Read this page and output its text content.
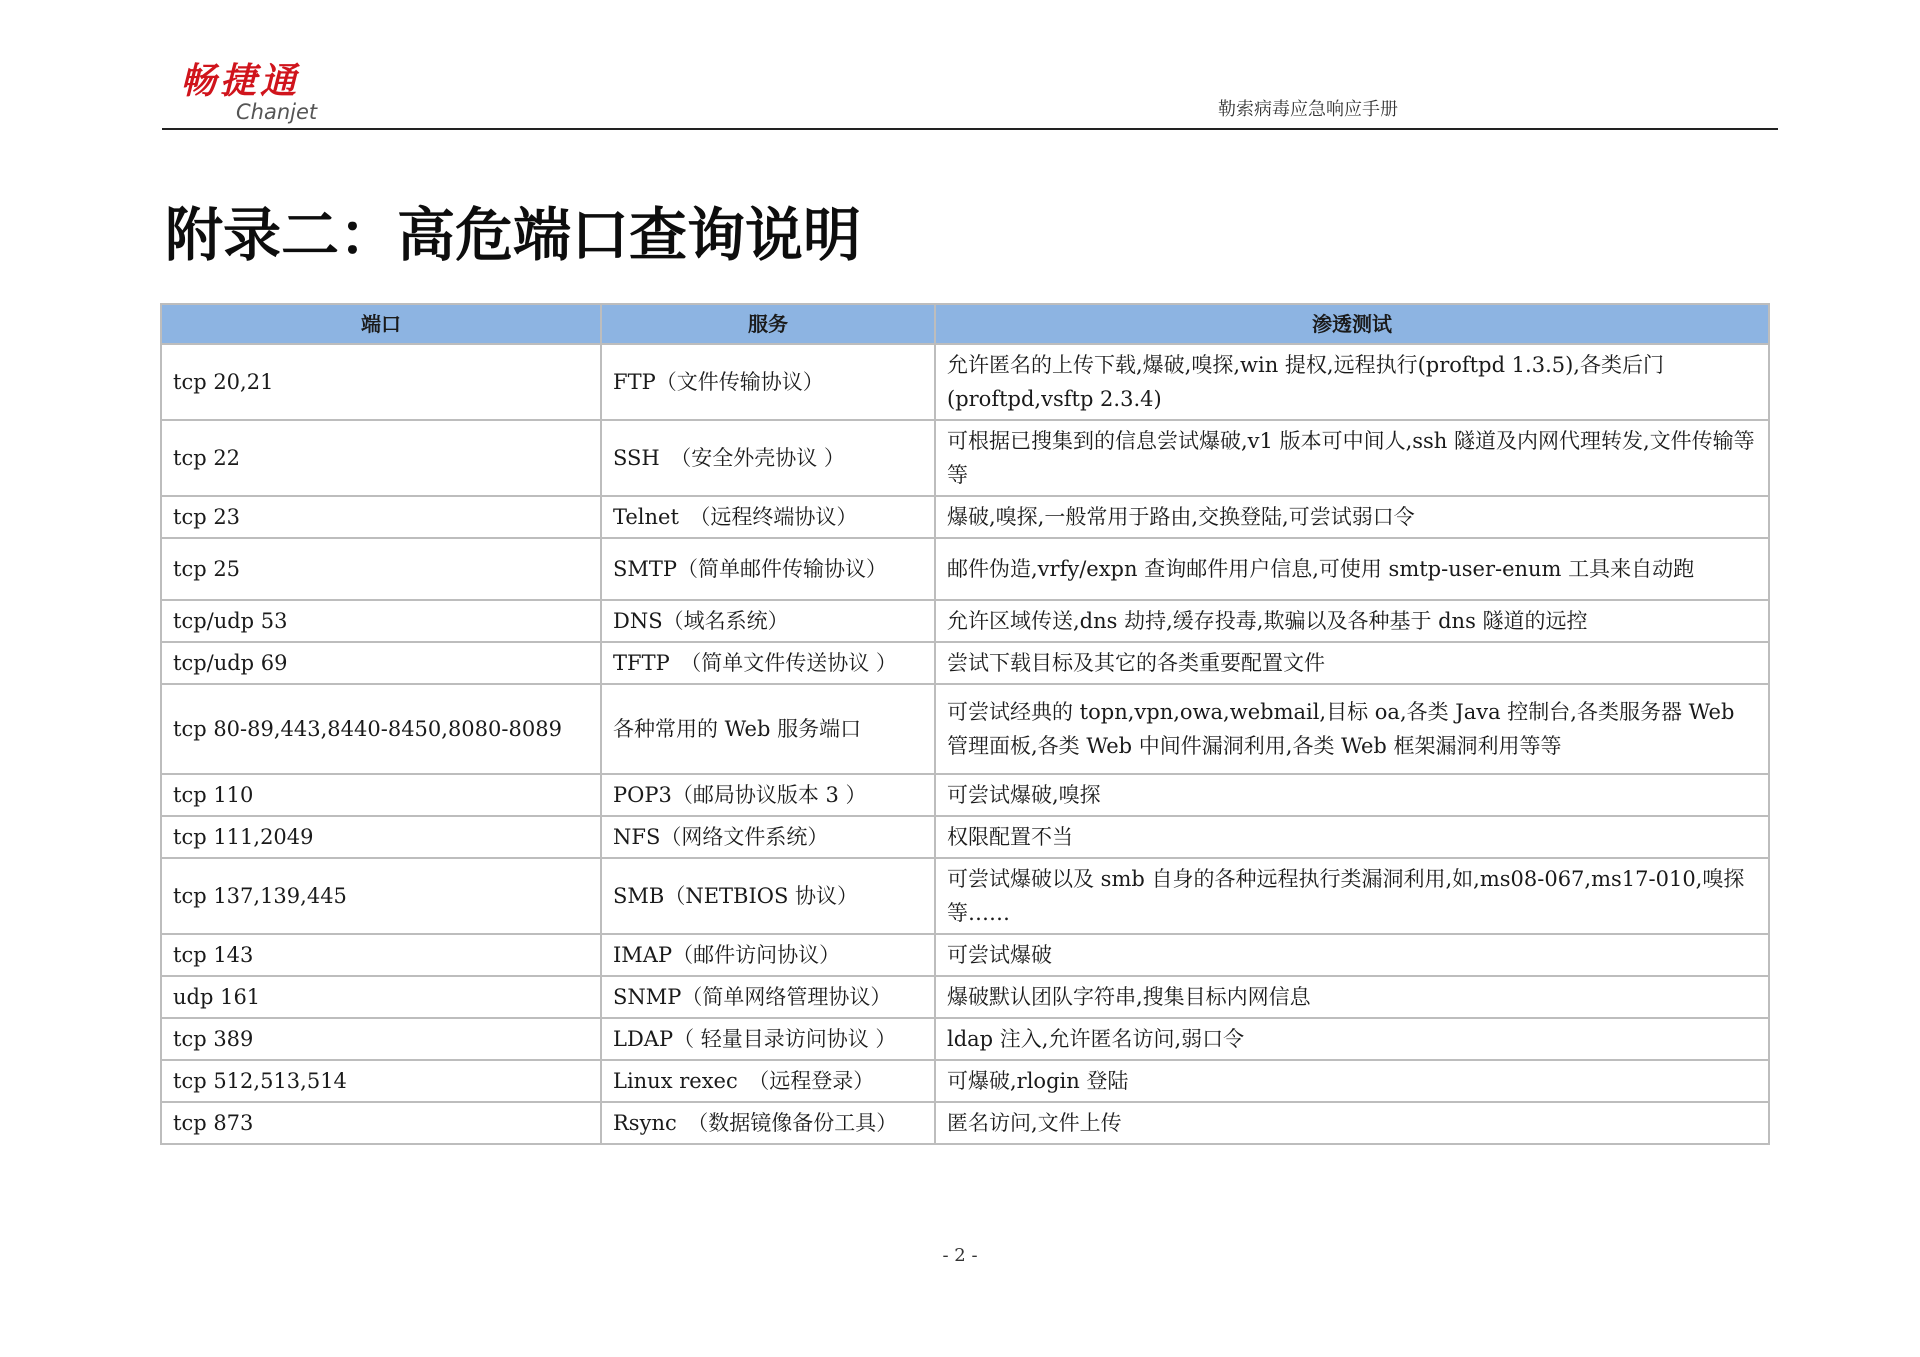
畅捷通
Chanjet	勒索病毒应急响应手册
附录二：高危端口查询说明
端口	服务	渗透测试
tcp 20,21	FTP（文件传输协议）	允许匿名的上传下载,爆破,嗅探,win 提权,远程执行(proftpd 1.3.5),各类后门(proftpd,vsftp 2.3.4)
tcp 22	SSH　（安全外壳协议 ）	可根据已搜集到的信息尝试爆破,v1 版本可中间人,ssh 隧道及内网代理转发,文件传输等等
tcp 23	Telnet　（远程终端协议）	爆破,嗅探,一般常用于路由,交换登陆,可尝试弱口令
tcp 25	SMTP（简单邮件传输协议）	邮件伪造,vrfy/expn 查询邮件用户信息,可使用 smtp-user-enum 工具来自动跑
tcp/udp 53	DNS（域名系统）	允许区域传送,dns 劫持,缓存投毒,欺骗以及各种基于 dns 隧道的远控
tcp/udp 69	TFTP　（简单文件传送协议 ）	尝试下载目标及其它的各类重要配置文件
tcp 80-89,443,8440-8450,8080-8089	各种常用的 Web 服务端口	可尝试经典的 topn,vpn,owa,webmail,目标 oa,各类 Java 控制台,各类服务器 Web 管理面板,各类 Web 中间件漏洞利用,各类 Web 框架漏洞利用等等
tcp 110	POP3（邮局协议版本 3 ）	可尝试爆破,嗅探
tcp 111,2049	NFS（网络文件系统）	权限配置不当
tcp 137,139,445	SMB（NETBIOS 协议）	可尝试爆破以及 smb 自身的各种远程执行类漏洞利用,如,ms08-067,ms17-010,嗅探等……
tcp 143	IMAP（邮件访问协议）	可尝试爆破
udp 161	SNMP（简单网络管理协议）	爆破默认团队字符串,搜集目标内网信息
tcp 389	LDAP（ 轻量目录访问协议 ）	ldap 注入,允许匿名访问,弱口令
tcp 512,513,514	Linux rexec　（远程登录）	可爆破,rlogin 登陆
tcp 873	Rsync　（数据镜像备份工具）	匿名访问,文件上传
- 2 -
